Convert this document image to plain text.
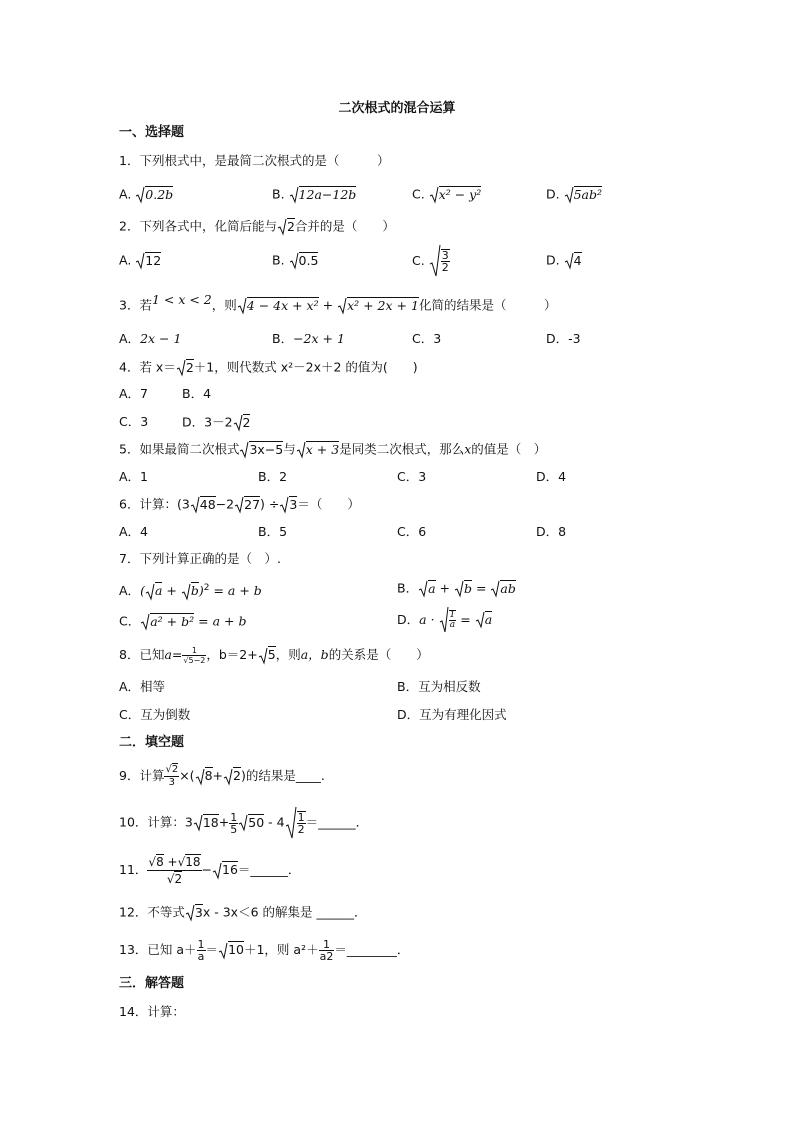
二次根式的混合运算
一、选择题
1．下列根式中，是最简二次根式的是（　　　）
A. 0.2b	B. 12a−12b	C. x² − y²	D. 5ab²
2．下列各式中，化简后能与 2合并的是（　　）
A. 12	B. 0.5	C. $\frac{3}{2}$	D. 4
3．若1 < x < 2，则 4 − 4x + x² + x² + 2x + 1化简的结果是（　　　）
A．2x − 1	B．−2x + 1	C．3	D．-3
4．若 x＝ 2＋1，则代数式 x²－2x＋2 的值为(　　)
A．7	B．4
C．3	D．3－2 2
5．如果最简二次根式 3x−5与 x + 3是同类二次根式，那么x的值是（　）
A．1	B．2	C．3	D．4
6．计算：(3 48−2 27) ÷ 3＝（　　）
A．4	B．5	C．6	D．8
7．下列计算正确的是（　）.
A．( a +
b)$^2$ = a + b	B． a +
b = ab
C． a² + b² = a + b	D．$a \cdot \frac{1}{a} = a$
8．已知$a= \frac{1}{√5-2}$ ，b＝2+ 5，则a，b的关系是（　　）
A．相等	B．互为相反数
C．互为倒数	D．互为有理化因式
二．填空题
9．计算 $\frac{√2}{3}$ ×( 8+ 2)的结果是____.
10．计算：3 $18+ \frac{1}{5} 50 - 4 \frac{1}{2}$ ＝______．
11． $\frac{√8 +√18}{√2}$ − 16＝______．
12．不等式 3x - 3x＜6 的解集是 ______．
13．已知 $a+ \frac{1}{a} = 10+1$，则 $a^2+ \frac{1}{a2}$ ＝________．
三．解答题
14．计算：
